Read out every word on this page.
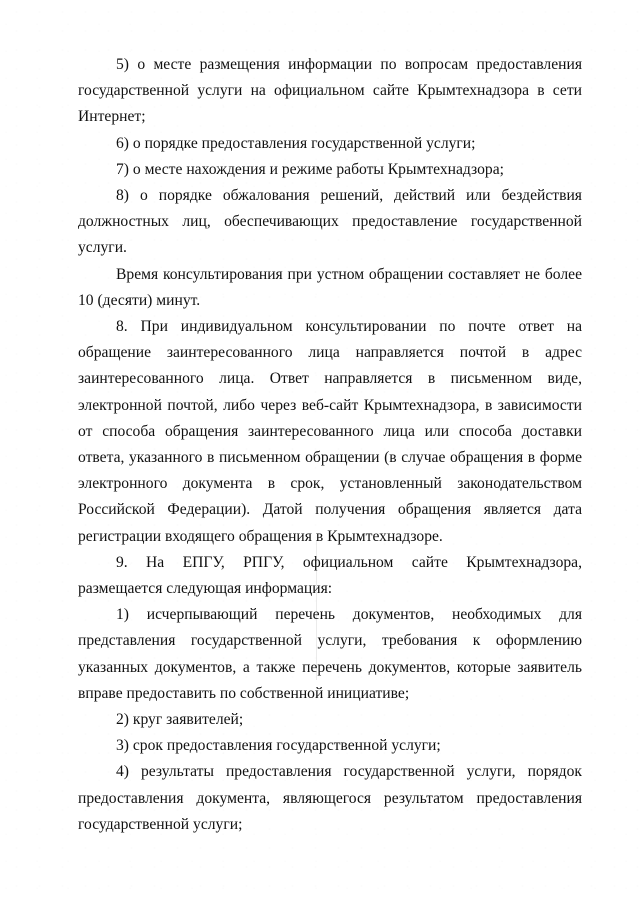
5) о месте размещения информации по вопросам предоставления государственной услуги на официальном сайте Крымтехнадзора в сети Интернет;

6) о порядке предоставления государственной услуги;

7) о месте нахождения и режиме работы Крымтехнадзора;

8) о порядке обжалования решений, действий или бездействия должностных лиц, обеспечивающих предоставление государственной услуги.

Время консультирования при устном обращении составляет не более 10 (десяти) минут.

8. При индивидуальном консультировании по почте ответ на обращение заинтересованного лица направляется почтой в адрес заинтересованного лица. Ответ направляется в письменном виде, электронной почтой, либо через веб-сайт Крымтехнадзора, в зависимости от способа обращения заинтересованного лица или способа доставки ответа, указанного в письменном обращении (в случае обращения в форме электронного документа в срок, установленный законодательством Российской Федерации). Датой получения обращения является дата регистрации входящего обращения в Крымтехнадзоре.

9. На ЕПГУ, РПГУ, официальном сайте Крымтехнадзора, размещается следующая информация:

1) исчерпывающий перечень документов, необходимых для представления государственной услуги, требования к оформлению указанных документов, а также перечень документов, которые заявитель вправе предоставить по собственной инициативе;

2) круг заявителей;

3) срок предоставления государственной услуги;

4) результаты предоставления государственной услуги, порядок предоставления документа, являющегося результатом предоставления государственной услуги;
